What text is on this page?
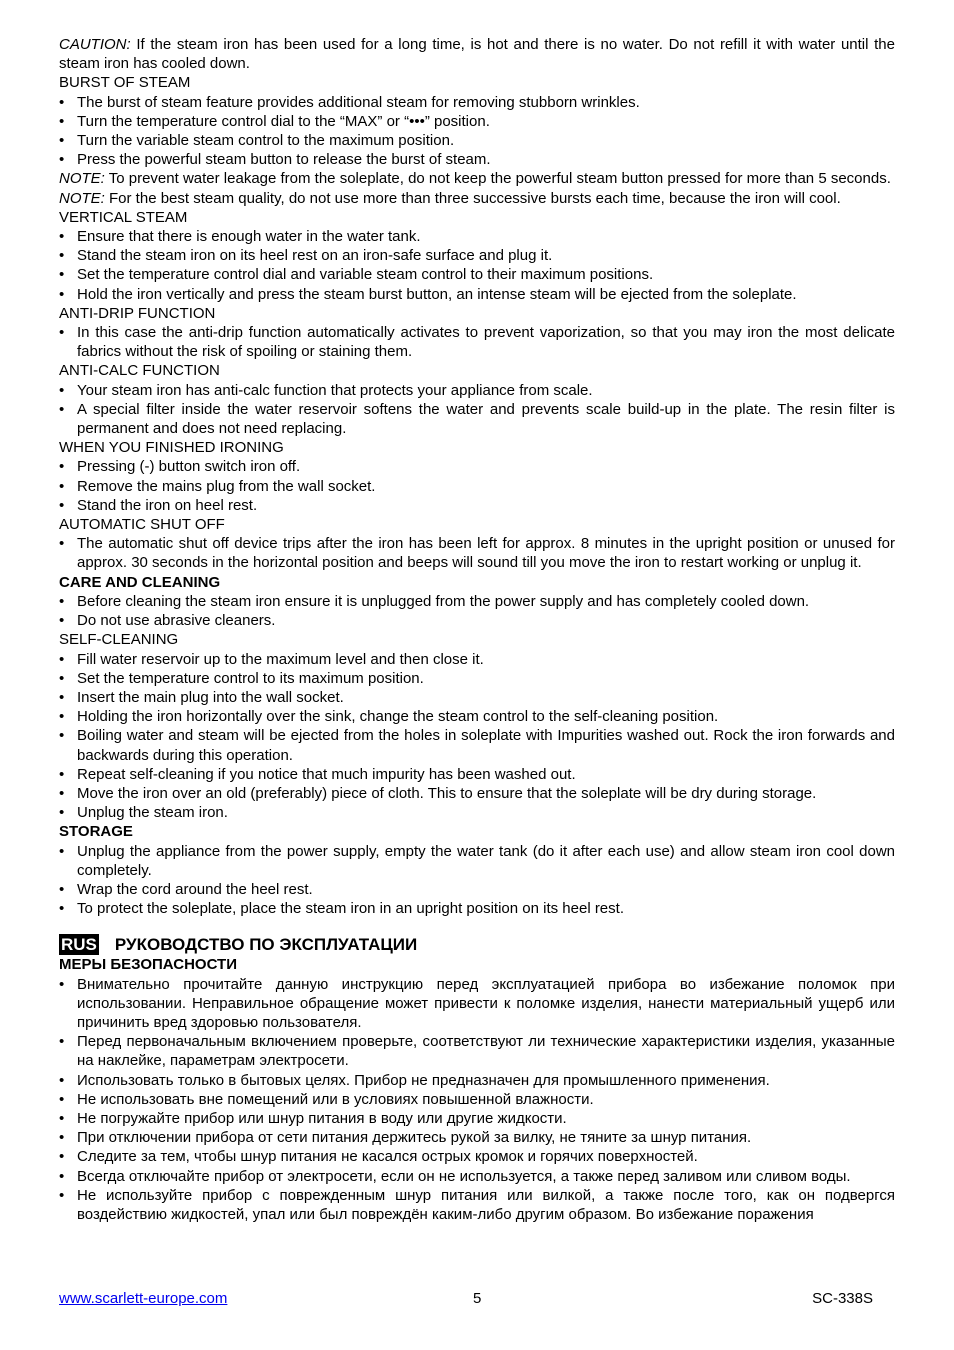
CAUTION: If the steam iron has been used for a long time, is hot and there is no water. Do not refill it with water until the steam iron has cooled down.

BURST OF STEAM

• The burst of steam feature provides additional steam for removing stubborn wrinkles.
• Turn the temperature control dial to the “MAX” or “•••” position.
• Turn the variable steam control to the maximum position.
• Press the powerful steam button to release the burst of steam.

NOTE: To prevent water leakage from the soleplate, do not keep the powerful steam button pressed for more than 5 seconds.

NOTE: For the best steam quality, do not use more than three successive bursts each time, because the iron will cool.

VERTICAL STEAM

• Ensure that there is enough water in the water tank.
• Stand the steam iron on its heel rest on an iron-safe surface and plug it.
• Set the temperature control dial and variable steam control to their maximum positions.
• Hold the iron vertically and press the steam burst button, an intense steam will be ejected from the soleplate.

ANTI-DRIP FUNCTION

• In this case the anti-drip function automatically activates to prevent vaporization, so that you may iron the most delicate fabrics without the risk of spoiling or staining them.

ANTI-CALC FUNCTION

• Your steam iron has anti-calc function that protects your appliance from scale.
• A special filter inside the water reservoir softens the water and prevents scale build-up in the plate. The resin filter is permanent and does not need replacing.

WHEN YOU FINISHED IRONING

• Pressing (-) button switch iron off.
• Remove the mains plug from the wall socket.
• Stand the iron on heel rest.

AUTOMATIC SHUT OFF

• The automatic shut off device trips after the iron has been left for approx. 8 minutes in the upright position or unused for approx. 30 seconds in the horizontal position and beeps will sound till you move the iron to restart working or unplug it.

CARE AND CLEANING

• Before cleaning the steam iron ensure it is unplugged from the power supply and has completely cooled down.
• Do not use abrasive cleaners.

SELF-CLEANING

• Fill water reservoir up to the maximum level and then close it.
• Set the temperature control to its maximum position.
• Insert the main plug into the wall socket.
• Holding the iron horizontally over the sink, change the steam control to the self-cleaning position.
• Boiling water and steam will be ejected from the holes in soleplate with Impurities washed out. Rock the iron forwards and backwards during this operation.
• Repeat self-cleaning if you notice that much impurity has been washed out.
• Move the iron over an old (preferably) piece of cloth. This to ensure that the soleplate will be dry during storage.
• Unplug the steam iron.

STORAGE

• Unplug the appliance from the power supply, empty the water tank (do it after each use) and allow steam iron cool down completely.
• Wrap the cord around the heel rest.
• To protect the soleplate, place the steam iron in an upright position on its heel rest.
RUS РУКОВОДСТВО ПО ЭКСПЛУАТАЦИИ

МЕРЫ БЕЗОПАСНОСТИ

• Внимательно прочитайте данную инструкцию перед эксплуатацией прибора во избежание поломок при использовании. Неправильное обращение может привести к поломке изделия, нанести материальный ущерб или причинить вред здоровью пользователя.
• Перед первоначальным включением проверьте, соответствуют ли технические характеристики изделия, указанные на наклейке, параметрам электросети.
• Использовать только в бытовых целях. Прибор не предназначен для промышленного применения.
• Не использовать вне помещений или в условиях повышенной влажности.
• Не погружайте прибор или шнур питания в воду или другие жидкости.
• При отключении прибора от сети питания держитесь рукой за вилку, не тяните за шнур питания.
• Следите за тем, чтобы шнур питания не касался острых кромок и горячих поверхностей.
• Всегда отключайте прибор от электросети, если он не используется, а также перед заливом или сливом воды.
• Не используйте прибор с поврежденным шнур питания или вилкой, а также после того, как он подвергся воздействию жидкостей, упал или был повреждён каким-либо другим образом. Во избежание поражения
www.scarlett-europe.com	5	SC-338S
